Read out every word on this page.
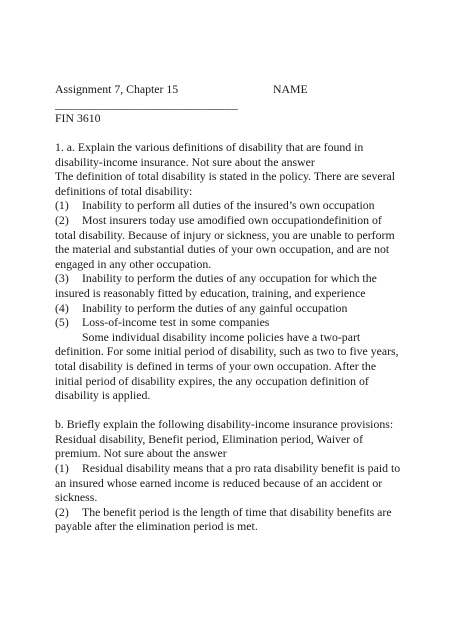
Assignment 7, Chapter 15	NAME
______________________________
FIN 3610

1. a. Explain the various definitions of disability that are found in disability-income insurance. Not sure about the answer

The definition of total disability is stated in the policy. There are several definitions of total disability:

(1) Inability to perform all duties of the insured’s own occupation

(2) Most insurers today use amodified own occupationdefinition of total disability. Because of injury or sickness, you are unable to perform the material and substantial duties of your own occupation, and are not engaged in any other occupation.

(3) Inability to perform the duties of any occupation for which the insured is reasonably fitted by education, training, and experience

(4) Inability to perform the duties of any gainful occupation

(5) Loss-of-income test in some companies

Some individual disability income policies have a two-part definition. For some initial period of disability, such as two to five years, total disability is defined in terms of your own occupation. After the initial period of disability expires, the any occupation definition of disability is applied.

b. Briefly explain the following disability-income insurance provisions: Residual disability, Benefit period, Elimination period, Waiver of premium. Not sure about the answer

(1) Residual disability means that a pro rata disability benefit is paid to an insured whose earned income is reduced because of an accident or sickness.

(2) The benefit period is the length of time that disability benefits are payable after the elimination period is met.
